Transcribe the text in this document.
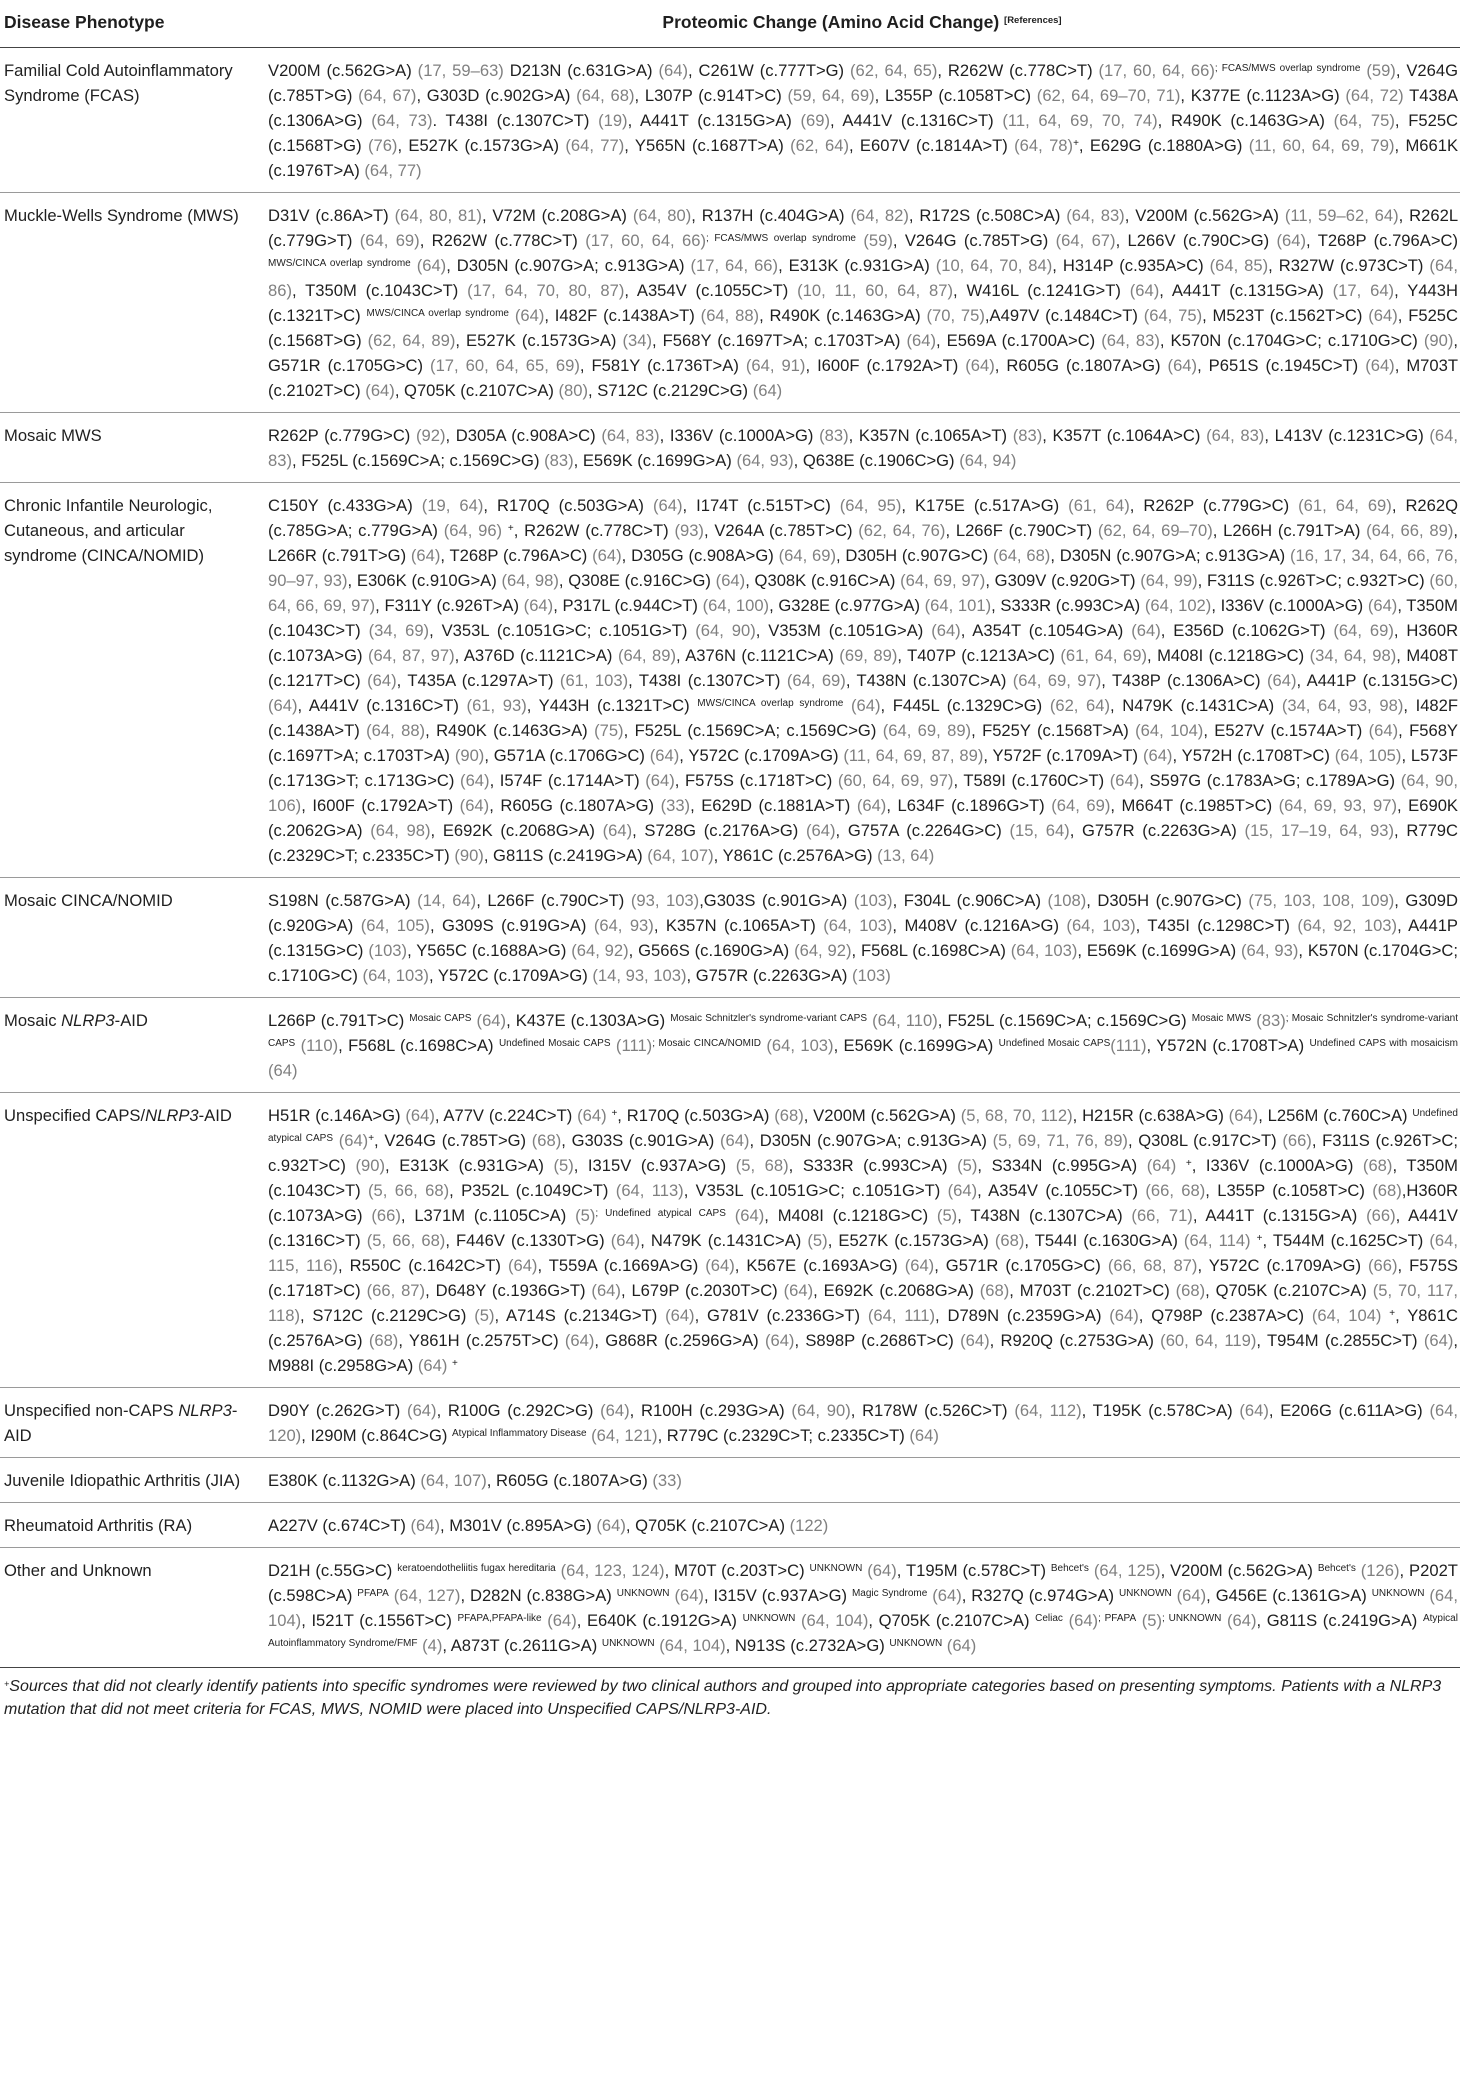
Disease Phenotype	Proteomic Change (Amino Acid Change) [References]
Familial Cold Autoinflammatory Syndrome (FCAS)	V200M (c.562G>A) (17, 59–63) D213N (c.631G>A) (64), C261W (c.777T>G) (62, 64, 65), R262W (c.778C>T) (17, 60, 64, 66)$^{; FCAS/MWS overlap syndrome}$ (59), V264G (c.785T>G) (64, 67), G303D (c.902G>A) (64, 68), L307P (c.914T>C) (59, 64, 69), L355P (c.1058T>C) (62, 64, 69–70, 71), K377E (c.1123A>G) (64, 72) T438A (c.1306A>G) (64, 73). T438I (c.1307C>T) (19), A441T (c.1315G>A) (69), A441V (c.1316C>T) (11, 64, 69, 70, 74), R490K (c.1463G>A) (64, 75), F525C (c.1568T>G) (76), E527K (c.1573G>A) (64, 77), Y565N (c.1687T>A) (62, 64), E607V (c.1814A>T) (64, 78)+, E629G (c.1880A>G) (11, 60, 64, 69, 79), M661K (c.1976T>A) (64, 77)
Muckle-Wells Syndrome (MWS)	D31V (c.86A>T) (64, 80, 81), V72M (c.208G>A) (64, 80), R137H (c.404G>A) (64, 82), R172S (c.508C>A) (64, 83), V200M (c.562G>A) (11, 59–62, 64), R262L (c.779G>T) (64, 69), R262W (c.778C>T) (17, 60, 64, 66)$^{; FCAS/MWS overlap syndrome}$ (59), V264G (c.785T>G) (64, 67), L266V (c.790C>G) (64), T268P (c.796A>C) $^{MWS/CINCA overlap syndrome}$ (64), D305N (c.907G>A; c.913G>A) (17, 64, 66), E313K (c.931G>A) (10, 64, 70, 84), H314P (c.935A>C) (64, 85), R327W (c.973C>T) (64, 86), T350M (c.1043C>T) (17, 64, 70, 80, 87), A354V (c.1055C>T) (10, 11, 60, 64, 87), W416L (c.1241G>T) (64), A441T (c.1315G>A) (17, 64), Y443H (c.1321T>C) $^{MWS/CINCA overlap syndrome}$ (64), I482F (c.1438A>T) (64, 88), R490K (c.1463G>A) (70, 75),A497V (c.1484C>T) (64, 75), M523T (c.1562T>C) (64), F525C (c.1568T>G) (62, 64, 89), E527K (c.1573G>A) (34), F568Y (c.1697T>A; c.1703T>A) (64), E569A (c.1700A>C) (64, 83), K570N (c.1704G>C; c.1710G>C) (90), G571R (c.1705G>C) (17, 60, 64, 65, 69), F581Y (c.1736T>A) (64, 91), I600F (c.1792A>T) (64), R605G (c.1807A>G) (64), P651S (c.1945C>T) (64), M703T (c.2102T>C) (64), Q705K (c.2107C>A) (80), S712C (c.2129C>G) (64)
Mosaic MWS	R262P (c.779G>C) (92), D305A (c.908A>C) (64, 83), I336V (c.1000A>G) (83), K357N (c.1065A>T) (83), K357T (c.1064A>C) (64, 83), L413V (c.1231C>G) (64, 83), F525L (c.1569C>A; c.1569C>G) (83), E569K (c.1699G>A) (64, 93), Q638E (c.1906C>G) (64, 94)
Chronic Infantile Neurologic, Cutaneous, and articular syndrome (CINCA/NOMID)	C150Y (c.433G>A) (19, 64), R170Q (c.503G>A) (64), I174T (c.515T>C) (64, 95), K175E (c.517A>G) (61, 64), R262P (c.779G>C) (61, 64, 69), R262Q (c.785G>A; c.779G>A) (64, 96) +, R262W (c.778C>T) (93), V264A (c.785T>C) (62, 64, 76), L266F (c.790C>T) (62, 64, 69–70), L266H (c.791T>A) (64, 66, 89), L266R (c.791T>G) (64), T268P (c.796A>C) (64), D305G (c.908A>G) (64, 69), D305H (c.907G>C) (64, 68), D305N (c.907G>A; c.913G>A) (16, 17, 34, 64, 66, 76, 90–97, 93), E306K (c.910G>A) (64, 98), Q308E (c.916C>G) (64), Q308K (c.916C>A) (64, 69, 97), G309V (c.920G>T) (64, 99), F311S (c.926T>C; c.932T>C) (60, 64, 66, 69, 97), F311Y (c.926T>A) (64), P317L (c.944C>T) (64, 100), G328E (c.977G>A) (64, 101), S333R (c.993C>A) (64, 102), I336V (c.1000A>G) (64), T350M (c.1043C>T) (34, 69), V353L (c.1051G>C; c.1051G>T) (64, 90), V353M (c.1051G>A) (64), A354T (c.1054G>A) (64), E356D (c.1062G>T) (64, 69), H360R (c.1073A>G) (64, 87, 97), A376D (c.1121C>A) (64, 89), A376N (c.1121C>A) (69, 89), T407P (c.1213A>C) (61, 64, 69), M408I (c.1218G>C) (34, 64, 98), M408T (c.1217T>C) (64), T435A (c.1297A>T) (61, 103), T438I (c.1307C>T) (64, 69), T438N (c.1307C>A) (64, 69, 97), T438P (c.1306A>C) (64), A441P (c.1315G>C) (64), A441V (c.1316C>T) (61, 93), Y443H (c.1321T>C) $^{MWS/CINCA overlap syndrome}$ (64), F445L (c.1329C>G) (62, 64), N479K (c.1431C>A) (34, 64, 93, 98), I482F (c.1438A>T) (64, 88), R490K (c.1463G>A) (75), F525L (c.1569C>A; c.1569C>G) (64, 69, 89), F525Y (c.1568T>A) (64, 104), E527V (c.1574A>T) (64), F568Y (c.1697T>A; c.1703T>A) (90), G571A (c.1706G>C) (64), Y572C (c.1709A>G) (11, 64, 69, 87, 89), Y572F (c.1709A>T) (64), Y572H (c.1708T>C) (64, 105), L573F (c.1713G>T; c.1713G>C) (64), I574F (c.1714A>T) (64), F575S (c.1718T>C) (60, 64, 69, 97), T589I (c.1760C>T) (64), S597G (c.1783A>G; c.1789A>G) (64, 90, 106), I600F (c.1792A>T) (64), R605G (c.1807A>G) (33), E629D (c.1881A>T) (64), L634F (c.1896G>T) (64, 69), M664T (c.1985T>C) (64, 69, 93, 97), E690K (c.2062G>A) (64, 98), E692K (c.2068G>A) (64), S728G (c.2176A>G) (64), G757A (c.2264G>C) (15, 64), G757R (c.2263G>A) (15, 17–19, 64, 93), R779C (c.2329C>T; c.2335C>T) (90), G811S (c.2419G>A) (64, 107), Y861C (c.2576A>G) (13, 64)
Mosaic CINCA/NOMID	S198N (c.587G>A) (14, 64), L266F (c.790C>T) (93, 103),G303S (c.901G>A) (103), F304L (c.906C>A) (108), D305H (c.907G>C) (75, 103, 108, 109), G309D (c.920G>A) (64, 105), G309S (c.919G>A) (64, 93), K357N (c.1065A>T) (64, 103), M408V (c.1216A>G) (64, 103), T435I (c.1298C>T) (64, 92, 103), A441P (c.1315G>C) (103), Y565C (c.1688A>G) (64, 92), G566S (c.1690G>A) (64, 92), F568L (c.1698C>A) (64, 103), E569K (c.1699G>A) (64, 93), K570N (c.1704G>C; c.1710G>C) (64, 103), Y572C (c.1709A>G) (14, 93, 103), G757R (c.2263G>A) (103)
Mosaic NLRP3-AID	L266P (c.791T>C) $^{Mosaic CAPS}$ (64), K437E (c.1303A>G) $^{Mosaic Schnitzler's syndrome-variant CAPS}$ (64, 110), F525L (c.1569C>A; c.1569C>G) $^{Mosaic MWS}$ $(83)^{; Mosaic Schnitzler's syndrome-variant CAPS}$ (110), F568L (c.1698C>A) $^{Undefined Mosaic CAPS}$ $(111)^{; Mosaic CINCA/NOMID}$ (64, 103), E569K (c.1699G>A) $^{Undefined Mosaic CAPS}$(111), Y572N (c.1708T>A) $^{Undefined CAPS with mosaicism}$ (64)
Unspecified CAPS/NLRP3-AID	H51R (c.146A>G) (64), A77V (c.224C>T) (64) +, R170Q (c.503G>A) (68), V200M (c.562G>A) (5, 68, 70, 112), H215R (c.638A>G) (64), L256M (c.760C>A) $^{Undefined atypical CAPS}$ (64)+, V264G (c.785T>G) (68), G303S (c.901G>A) (64), D305N (c.907G>A; c.913G>A) (5, 69, 71, 76, 89), Q308L (c.917C>T) (66), F311S (c.926T>C; c.932T>C) (90), E313K (c.931G>A) (5), I315V (c.937A>G) (5, 68), S333R (c.993C>A) (5), S334N (c.995G>A) (64) +, I336V (c.1000A>G) (68), T350M (c.1043C>T) (5, 66, 68), P352L (c.1049C>T) (64, 113), V353L (c.1051G>C; c.1051G>T) (64), A354V (c.1055C>T) (66, 68), L355P (c.1058T>C) (68),H360R (c.1073A>G) (66), L371M (c.1105C>A) $(5)^{; Undefined atypical CAPS}$ (64), M408I (c.1218G>C) (5), T438N (c.1307C>A) (66, 71), A441T (c.1315G>A) (66), A441V (c.1316C>T) (5, 66, 68), F446V (c.1330T>G) (64), N479K (c.1431C>A) (5), E527K (c.1573G>A) (68), T544I (c.1630G>A) (64, 114) +, T544M (c.1625C>T) (64, 115, 116), R550C (c.1642C>T) (64), T559A (c.1669A>G) (64), K567E (c.1693A>G) (64), G571R (c.1705G>C) (66, 68, 87), Y572C (c.1709A>G) (66), F575S (c.1718T>C) (66, 87), D648Y (c.1936G>T) (64), L679P (c.2030T>C) (64), E692K (c.2068G>A) (68), M703T (c.2102T>C) (68), Q705K (c.2107C>A) (5, 70, 117, 118), S712C (c.2129C>G) (5), A714S (c.2134G>T) (64), G781V (c.2336G>T) (64, 111), D789N (c.2359G>A) (64), Q798P (c.2387A>C) (64, 104) +, Y861C (c.2576A>G) (68), Y861H (c.2575T>C) (64), G868R (c.2596G>A) (64), S898P (c.2686T>C) (64), R920Q (c.2753G>A) (60, 64, 119), T954M (c.2855C>T) (64), M988I (c.2958G>A) (64) +
Unspecified non-CAPS NLRP3-AID	D90Y (c.262G>T) (64), R100G (c.292C>G) (64), R100H (c.293G>A) (64, 90), R178W (c.526C>T) (64, 112), T195K (c.578C>A) (64), E206G (c.611A>G) (64, 120), I290M (c.864C>G) $^{Atypical Inflammatory Disease}$ (64, 121), R779C (c.2329C>T; c.2335C>T) (64)
Juvenile Idiopathic Arthritis (JIA)	E380K (c.1132G>A) (64, 107), R605G (c.1807A>G) (33)
Rheumatoid Arthritis (RA)	A227V (c.674C>T) (64), M301V (c.895A>G) (64), Q705K (c.2107C>A) (122)
Other and Unknown	D21H (c.55G>C) $^{keratoendotheliitis fugax hereditaria}$ (64, 123, 124), M70T (c.203T>C) $^{UNKNOWN}$ (64), T195M (c.578C>T) $^{Behcet's}$ (64, 125), V200M (c.562G>A) $^{Behcet's}$ (126), P202T (c.598C>A) $^{PFAPA}$ (64, 127), D282N (c.838G>A) $^{UNKNOWN}$ (64), I315V (c.937A>G) $^{Magic Syndrome}$ (64), R327Q (c.974G>A) $^{UNKNOWN}$ (64), G456E (c.1361G>A) $^{UNKNOWN}$ (64, 104), I521T (c.1556T>C) $^{PFAPA,PFAPA-like}$ (64), E640K (c.1912G>A) $^{UNKNOWN}$ (64, 104), Q705K (c.2107C>A) $^{Celiac}$ $(64)^{; PFAPA}$ $(5)^{; UNKNOWN}$ (64), G811S (c.2419G>A) $^{Atypical Autoinflammatory Syndrome/FMF}$ (4), A873T (c.2611G>A) $^{UNKNOWN}$ (64, 104), N913S (c.2732A>G) $^{UNKNOWN}$ (64)

+Sources that did not clearly identify patients into specific syndromes were reviewed by two clinical authors and grouped into appropriate categories based on presenting symptoms. Patients with a NLRP3 mutation that did not meet criteria for FCAS, MWS, NOMID were placed into Unspecified CAPS/NLRP3-AID.
